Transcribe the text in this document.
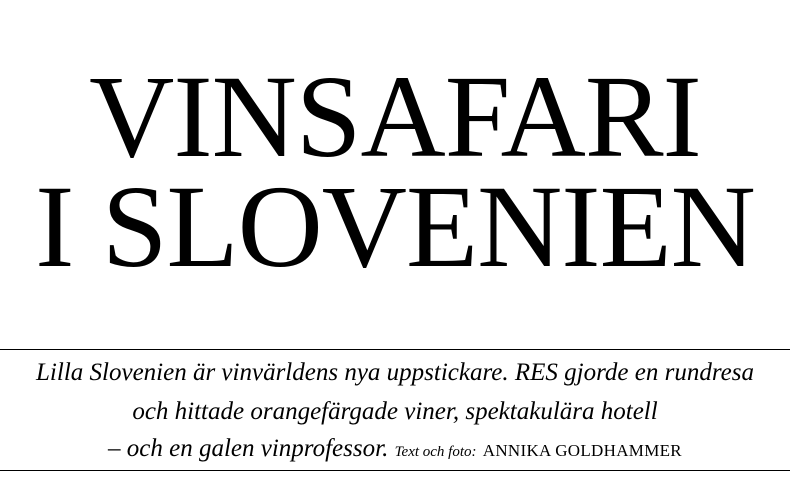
VINSAFARI
I SLOVENIEN
Lilla Slovenien är vinvärldens nya uppstickare. RES gjorde en rundresa
och hittade orangefärgade viner, spektakulära hotell
– och en galen vinprofessor. Text och foto: ANNIKA GOLDHAMMER
